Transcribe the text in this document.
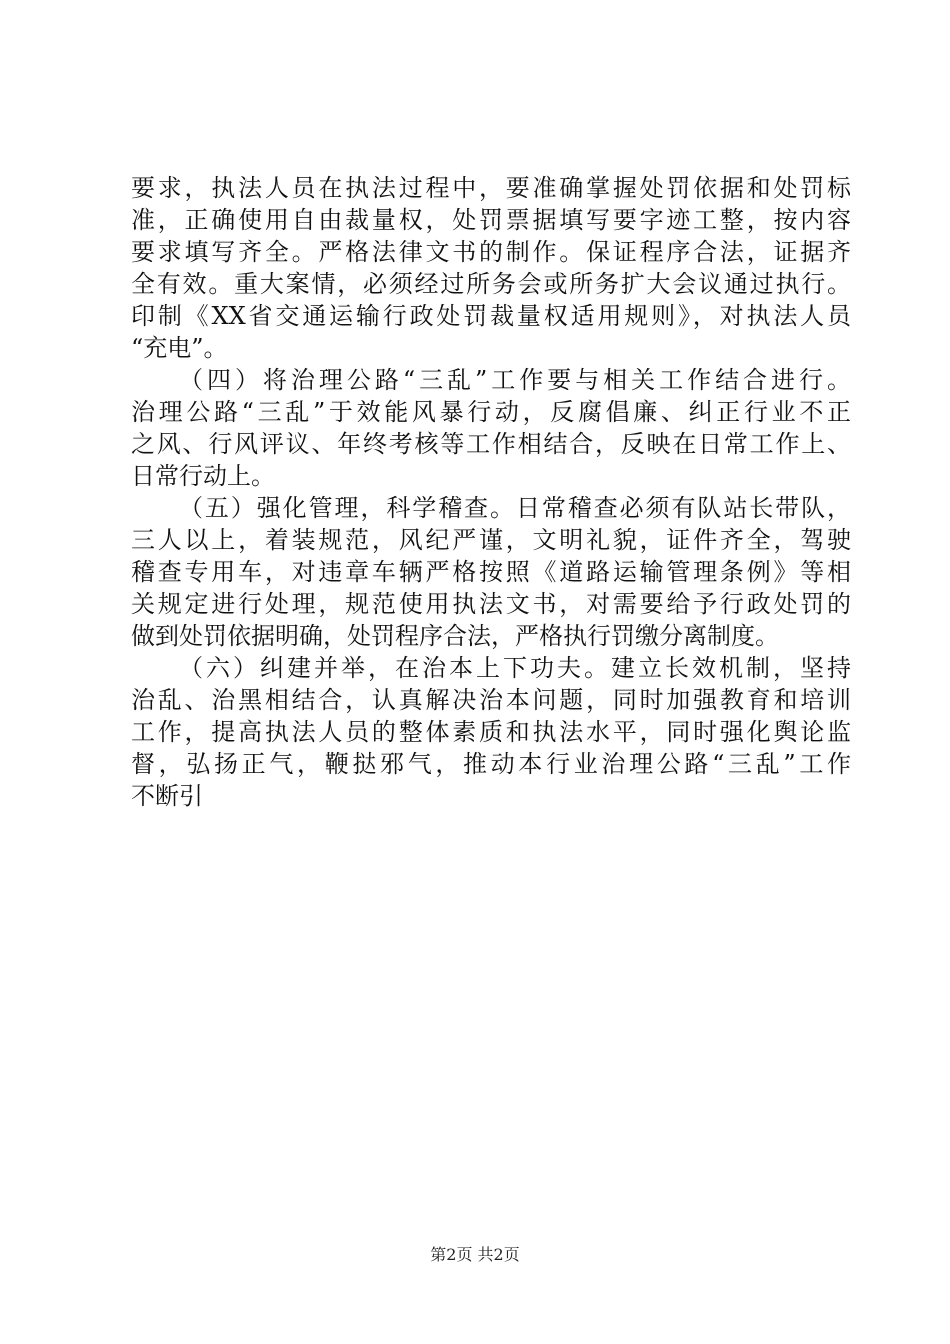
要求，执法人员在执法过程中，要准确掌握处罚依据和处罚标
准，正确使用自由裁量权，处罚票据填写要字迹工整，按内容
要求填写齐全。严格法律文书的制作。保证程序合法，证据齐
全有效。重大案情，必须经过所务会或所务扩大会议通过执行。
印制《XX省交通运输行政处罚裁量权适用规则》，对执法人员
“充电”。
（四）将治理公路“三乱”工作要与相关工作结合进行。
治理公路“三乱”于效能风暴行动，反腐倡廉、纠正行业不正
之风、行风评议、年终考核等工作相结合，反映在日常工作上、
日常行动上。
（五）强化管理，科学稽查。日常稽查必须有队站长带队，
三人以上，着装规范，风纪严谨，文明礼貌，证件齐全，驾驶
稽查专用车，对违章车辆严格按照《道路运输管理条例》等相
关规定进行处理，规范使用执法文书，对需要给予行政处罚的
做到处罚依据明确，处罚程序合法，严格执行罚缴分离制度。
（六）纠建并举，在治本上下功夫。建立长效机制，坚持
治乱、治黑相结合，认真解决治本问题，同时加强教育和培训
工作，提高执法人员的整体素质和执法水平，同时强化舆论监
督，弘扬正气，鞭挞邪气，推动本行业治理公路“三乱”工作
不断引
第2页 共2页
